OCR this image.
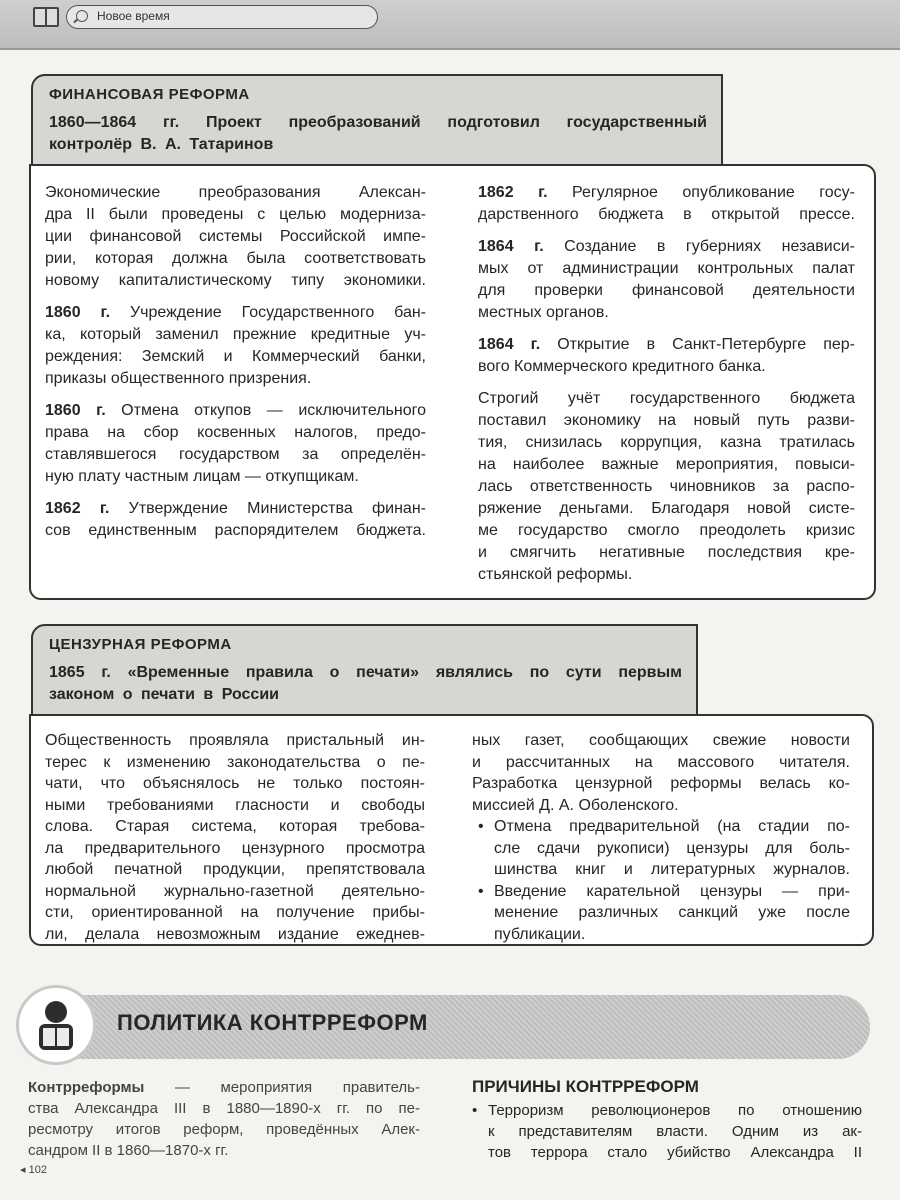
Новое время
ФИНАНСОВАЯ РЕФОРМА
1860—1864 гг. Проект преобразований подготовил государственный
контролёр В. А. Татаринов
Экономические преобразования Алексан-
дра II были проведены с целью модерниза-
ции финансовой системы Российской импе-
рии, которая должна была соответствовать
новому капиталистическому типу экономики.
1860 г. Учреждение Государственного бан-
ка, который заменил прежние кредитные уч-
реждения: Земский и Коммерческий банки,
приказы общественного призрения.
1860 г. Отмена откупов — исключительного
права на сбор косвенных налогов, предо-
ставлявшегося государством за определён-
ную плату частным лицам — откупщикам.
1862 г. Утверждение Министерства финан-
сов единственным распорядителем бюджета.
1862 г. Регулярное опубликование госу-
дарственного бюджета в открытой прессе.
1864 г. Создание в губерниях независи-
мых от администрации контрольных палат
для проверки финансовой деятельности
местных органов.
1864 г. Открытие в Санкт-Петербурге пер-
вого Коммерческого кредитного банка.
Строгий учёт государственного бюджета
поставил экономику на новый путь разви-
тия, снизилась коррупция, казна тратилась
на наиболее важные мероприятия, повыси-
лась ответственность чиновников за распо-
ряжение деньгами. Благодаря новой систе-
ме государство смогло преодолеть кризис
и смягчить негативные последствия кре-
стьянской реформы.
ЦЕНЗУРНАЯ РЕФОРМА
1865 г. «Временные правила о печати» являлись по сути первым
законом о печати в России
Общественность проявляла пристальный ин-
терес к изменению законодательства о пе-
чати, что объяснялось не только постоян-
ными требованиями гласности и свободы
слова. Старая система, которая требова-
ла предварительного цензурного просмотра
любой печатной продукции, препятствовала
нормальной журнально-газетной деятельно-
сти, ориентированной на получение прибы-
ли, делала невозможным издание ежеднев-
ных газет, сообщающих свежие новости
и рассчитанных на массового читателя.
Разработка цензурной реформы велась ко-
миссией Д. А. Оболенского.
• Отмена предварительной (на стадии по-
сле сдачи рукописи) цензуры для боль-
шинства книг и литературных журналов.
• Введение карательной цензуры — при-
менение различных санкций уже после
публикации.
ПОЛИТИКА КОНТРРЕФОРМ
Контрреформы — мероприятия правитель-
ства Александра III в 1880—1890-х гг. по пе-
ресмотру итогов реформ, проведённых Алек-
сандром II в 1860—1870-х гг.
ПРИЧИНЫ КОНТРРЕФОРМ
• Терроризм революционеров по отношению
к представителям власти. Одним из ак-
тов террора стало убийство Александра II
◂ 102
